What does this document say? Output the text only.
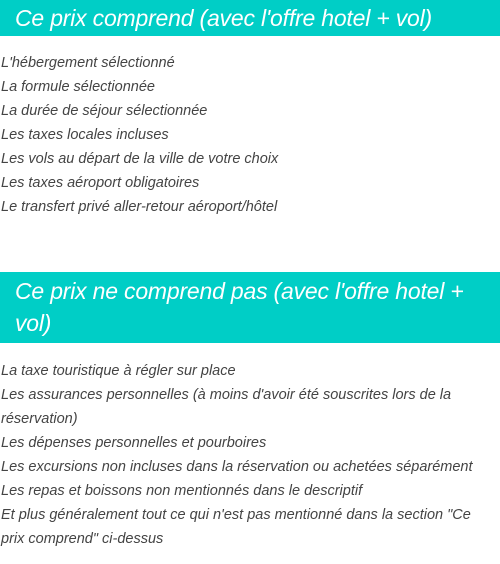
Ce prix comprend (avec l'offre hotel + vol)
L'hébergement sélectionné
La formule sélectionnée
La durée de séjour sélectionnée
Les taxes locales incluses
Les vols au départ de la ville de votre choix
Les taxes aéroport obligatoires
Le transfert privé aller-retour aéroport/hôtel
Ce prix ne comprend pas (avec l'offre hotel + vol)
La taxe touristique à régler sur place
Les assurances personnelles (à moins d'avoir été souscrites lors de la réservation)
Les dépenses personnelles et pourboires
Les excursions non incluses dans la réservation ou achetées séparément
Les repas et boissons non mentionnés dans le descriptif
Et plus généralement tout ce qui n'est pas mentionné dans la section "Ce prix comprend" ci-dessus
